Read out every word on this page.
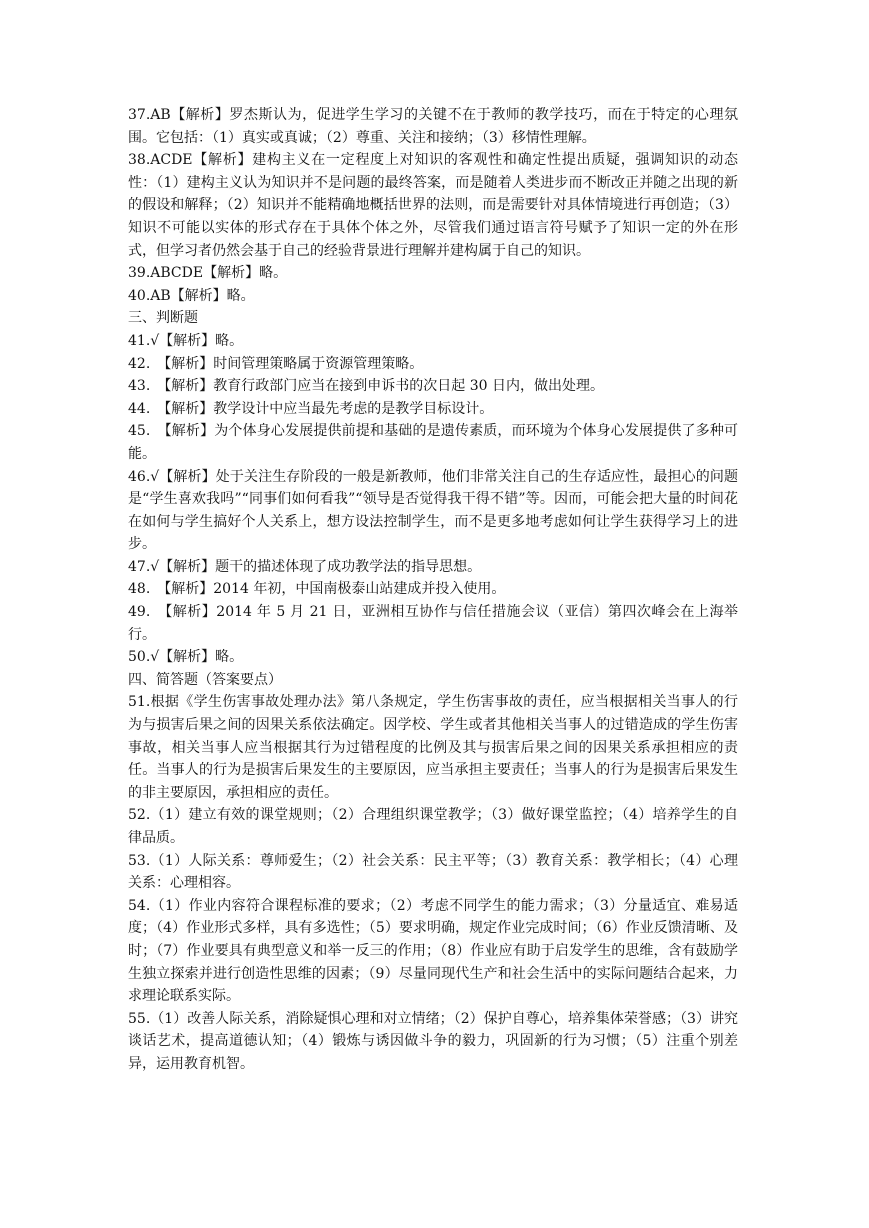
37.AB【解析】罗杰斯认为，促进学生学习的关键不在于教师的教学技巧，而在于特定的心理氛围。它包括：（1）真实或真诚；（2）尊重、关注和接纳；（3）移情性理解。

38.ACDE【解析】建构主义在一定程度上对知识的客观性和确定性提出质疑，强调知识的动态性：（1）建构主义认为知识并不是问题的最终答案，而是随着人类进步而不断改正并随之出现的新的假设和解释；（2）知识并不能精确地概括世界的法则，而是需要针对具体情境进行再创造；（3）知识不可能以实体的形式存在于具体个体之外，尽管我们通过语言符号赋予了知识一定的外在形式，但学习者仍然会基于自己的经验背景进行理解并建构属于自己的知识。

39.ABCDE【解析】略。

40.AB【解析】略。

三、判断题

41.√【解析】略。

42.　【解析】时间管理策略属于资源管理策略。

43.　【解析】教育行政部门应当在接到申诉书的次日起 30 日内，做出处理。

44.　【解析】教学设计中应当最先考虑的是教学目标设计。

45.　【解析】为个体身心发展提供前提和基础的是遗传素质，而环境为个体身心发展提供了多种可能。

46.√【解析】处于关注生存阶段的一般是新教师，他们非常关注自己的生存适应性，最担心的问题是“学生喜欢我吗”“同事们如何看我”“领导是否觉得我干得不错”等。因而，可能会把大量的时间花在如何与学生搞好个人关系上，想方设法控制学生，而不是更多地考虑如何让学生获得学习上的进步。

47.√【解析】题干的描述体现了成功教学法的指导思想。

48.　【解析】2014 年初，中国南极泰山站建成并投入使用。

49.　【解析】2014 年 5 月 21 日，亚洲相互协作与信任措施会议（亚信）第四次峰会在上海举行。

50.√【解析】略。

四、简答题（答案要点）

51.根据《学生伤害事故处理办法》第八条规定，学生伤害事故的责任，应当根据相关当事人的行为与损害后果之间的因果关系依法确定。因学校、学生或者其他相关当事人的过错造成的学生伤害事故，相关当事人应当根据其行为过错程度的比例及其与损害后果之间的因果关系承担相应的责任。当事人的行为是损害后果发生的主要原因，应当承担主要责任；当事人的行为是损害后果发生的非主要原因，承担相应的责任。

52.（1）建立有效的课堂规则；（2）合理组织课堂教学；（3）做好课堂监控；（4）培养学生的自律品质。

53.（1）人际关系：尊师爱生；（2）社会关系：民主平等；（3）教育关系：教学相长；（4）心理关系：心理相容。

54.（1）作业内容符合课程标准的要求；（2）考虑不同学生的能力需求；（3）分量适宜、难易适度；（4）作业形式多样，具有多选性；（5）要求明确，规定作业完成时间；（6）作业反馈清晰、及时；（7）作业要具有典型意义和举一反三的作用；（8）作业应有助于启发学生的思维，含有鼓励学生独立探索并进行创造性思维的因素；（9）尽量同现代生产和社会生活中的实际问题结合起来，力求理论联系实际。

55.（1）改善人际关系，消除疑惧心理和对立情绪；（2）保护自尊心，培养集体荣誉感；（3）讲究谈话艺术，提高道德认知；（4）锻炼与诱因做斗争的毅力，巩固新的行为习惯；（5）注重个别差异，运用教育机智。
